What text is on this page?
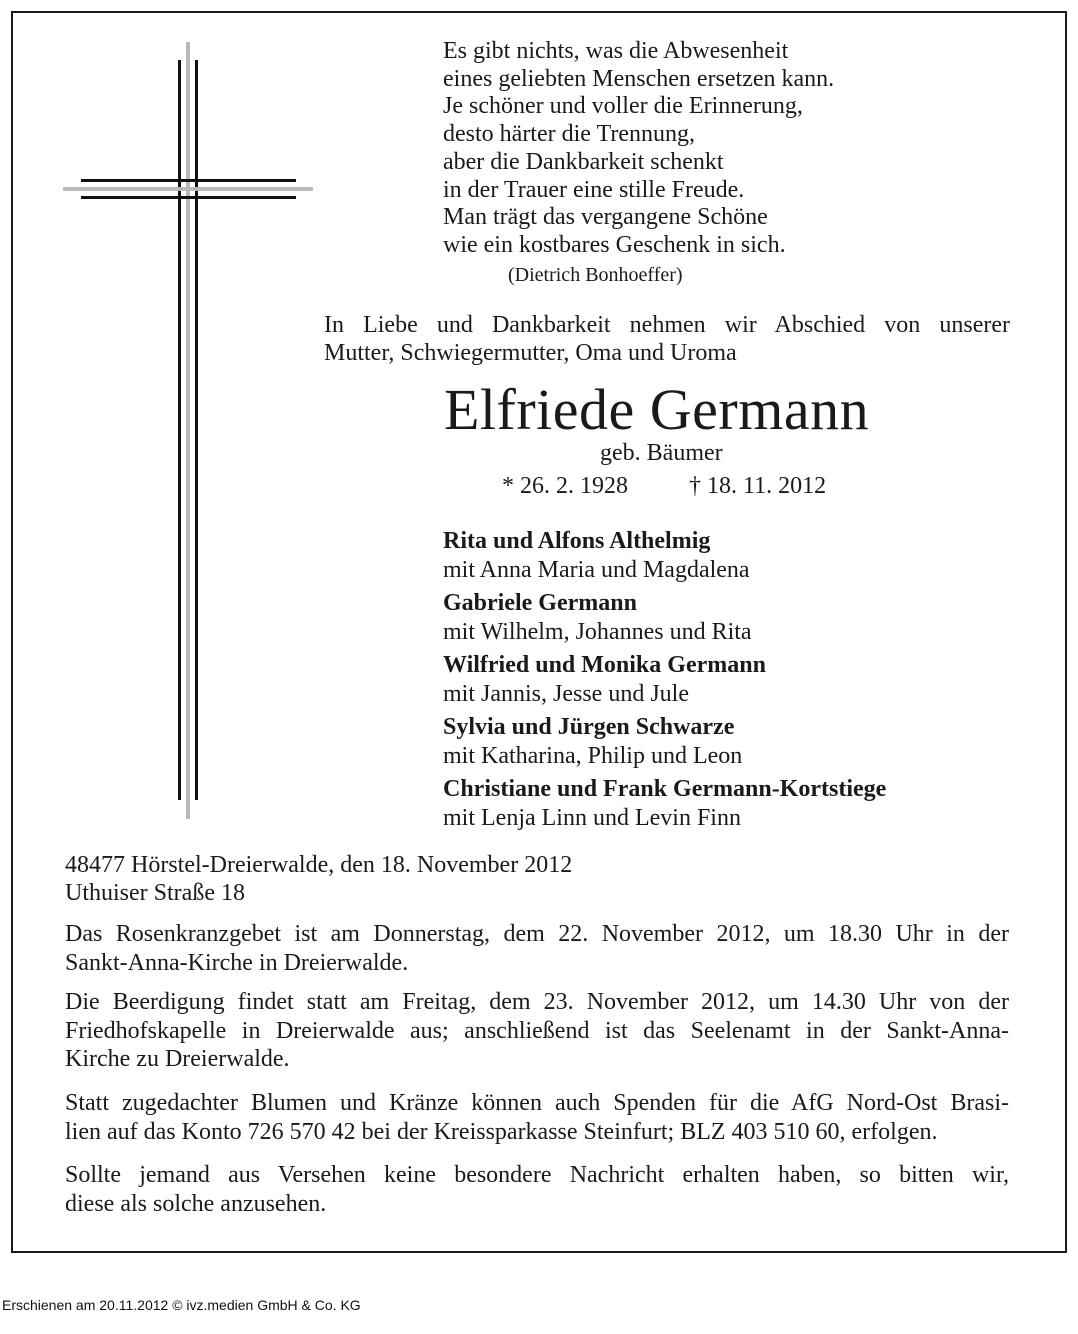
Es gibt nichts, was die Abwesenheit
eines geliebten Menschen ersetzen kann.
Je schöner und voller die Erinnerung,
desto härter die Trennung,
aber die Dankbarkeit schenkt
in der Trauer eine stille Freude.
Man trägt das vergangene Schöne
wie ein kostbares Geschenk in sich.
(Dietrich Bonhoeffer)
In Liebe und Dankbarkeit nehmen wir Abschied von unserer
Mutter, Schwiegermutter, Oma und Uroma
Elfriede Germann
geb. Bäumer
* 26. 2. 1928	† 18. 11. 2012
Rita und Alfons Althelmig
mit Anna Maria und Magdalena
Gabriele Germann
mit Wilhelm, Johannes und Rita
Wilfried und Monika Germann
mit Jannis, Jesse und Jule
Sylvia und Jürgen Schwarze
mit Katharina, Philip und Leon
Christiane und Frank Germann-Kortstiege
mit Lenja Linn und Levin Finn
48477 Hörstel-Dreierwalde, den 18. November 2012
Uthuiser Straße 18
Das Rosenkranzgebet ist am Donnerstag, dem 22. November 2012, um 18.30 Uhr in der
Sankt-Anna-Kirche in Dreierwalde.
Die Beerdigung findet statt am Freitag, dem 23. November 2012, um 14.30 Uhr von der
Friedhofskapelle in Dreierwalde aus; anschließend ist das Seelenamt in der Sankt-Anna-
Kirche zu Dreierwalde.
Statt zugedachter Blumen und Kränze können auch Spenden für die AfG Nord-Ost Brasi-
lien auf das Konto 726 570 42 bei der Kreissparkasse Steinfurt; BLZ 403 510 60, erfolgen.
Sollte jemand aus Versehen keine besondere Nachricht erhalten haben, so bitten wir,
diese als solche anzusehen.
Erschienen am 20.11.2012 © ivz.medien GmbH & Co. KG
